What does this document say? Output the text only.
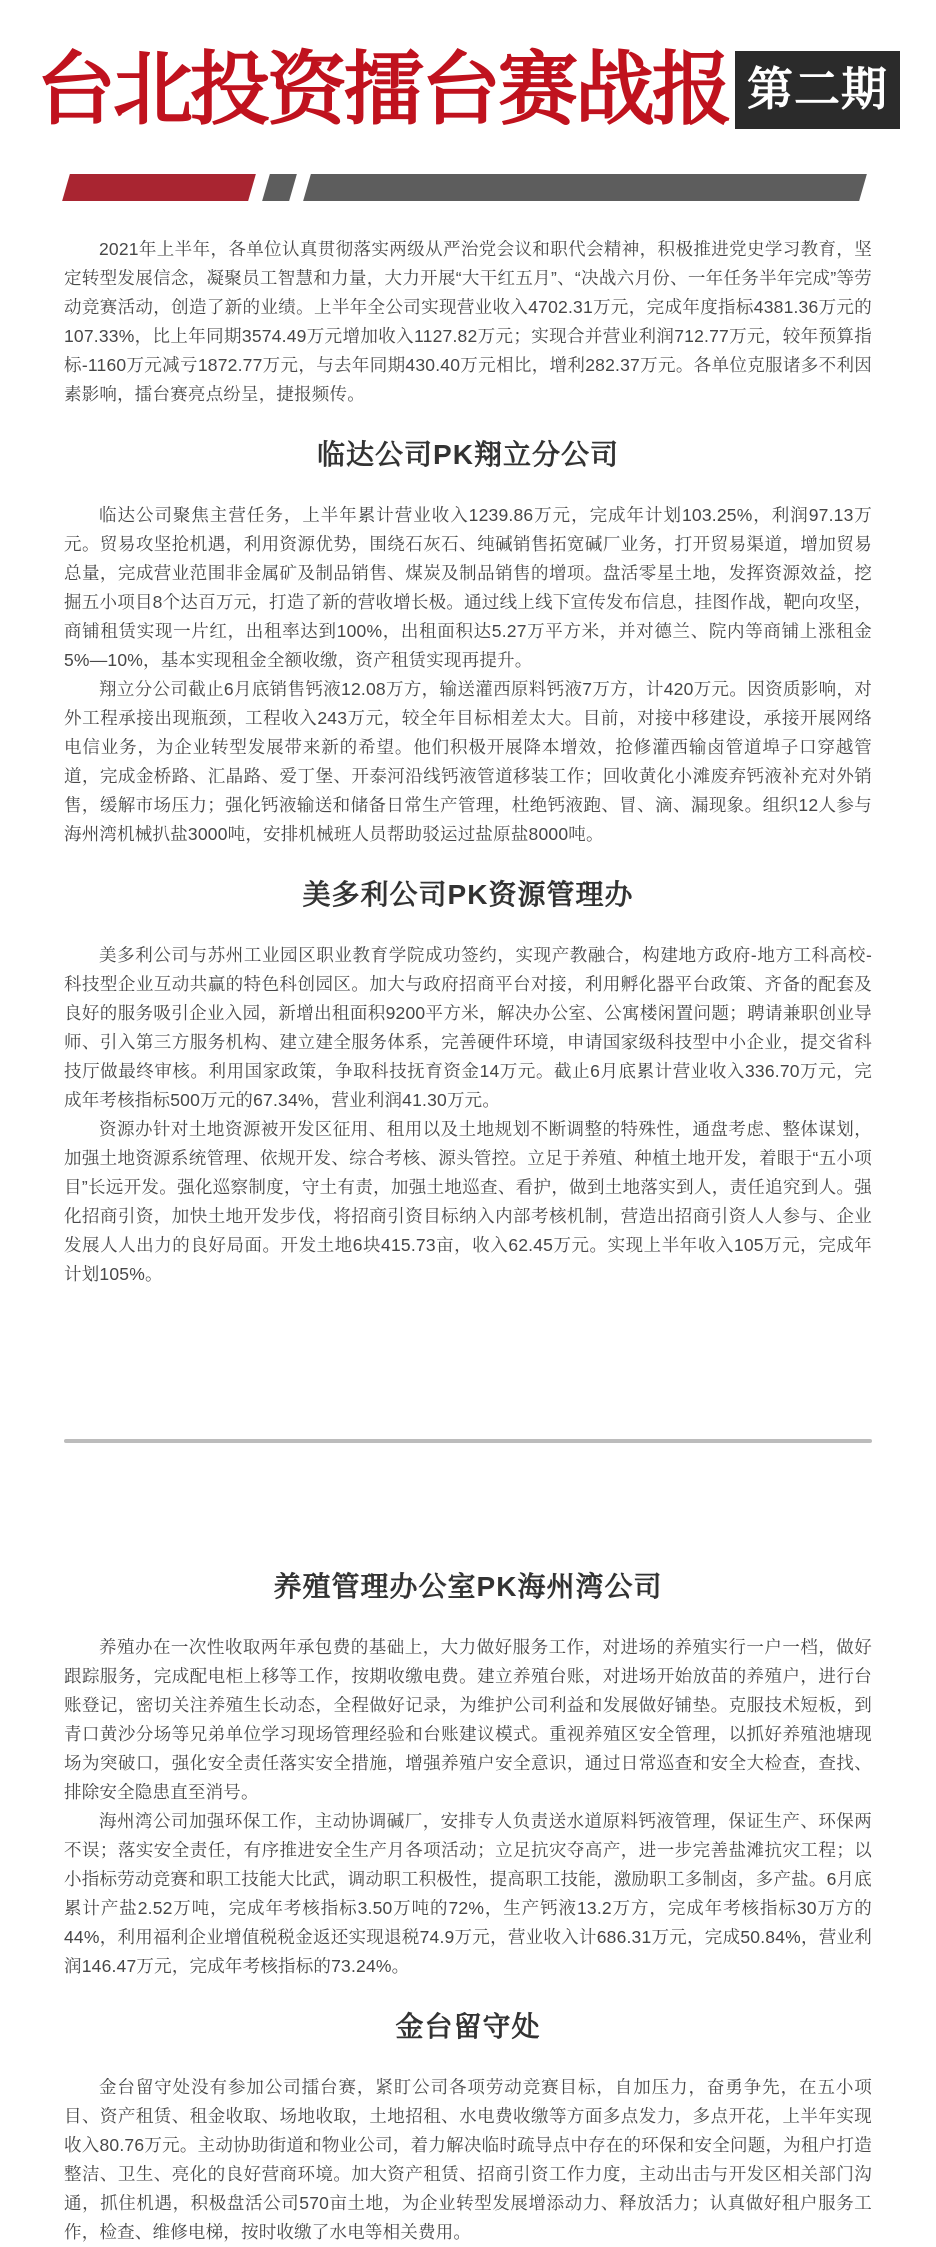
台北投资擂台赛战报 第二期

2021年上半年，各单位认真贯彻落实两级从严治党会议和职代会精神，积极推进党史学习教育，坚定转型发展信念，凝聚员工智慧和力量，大力开展“大干红五月”、“决战六月份、一年任务半年完成”等劳动竞赛活动，创造了新的业绩。上半年全公司实现营业收入4702.31万元，完成年度指标4381.36万元的107.33%，比上年同期3574.49万元增加收入1127.82万元；实现合并营业利润712.77万元，较年预算指标-1160万元减亏1872.77万元，与去年同期430.40万元相比，增利282.37万元。各单位克服诸多不利因素影响，擂台赛亮点纷呈，捷报频传。

临达公司PK翔立分公司

临达公司聚焦主营任务，上半年累计营业收入1239.86万元，完成年计划103.25%，利润97.13万元。贸易攻坚抢机遇，利用资源优势，围绕石灰石、纯碱销售拓宽碱厂业务，打开贸易渠道，增加贸易总量，完成营业范围非金属矿及制品销售、煤炭及制品销售的增项。盘活零星土地，发挥资源效益，挖掘五小项目8个达百万元，打造了新的营收增长极。通过线上线下宣传发布信息，挂图作战，靶向攻坚，商铺租赁实现一片红，出租率达到100%，出租面积达5.27万平方米，并对德兰、院内等商铺上涨租金5%—10%，基本实现租金全额收缴，资产租赁实现再提升。

翔立分公司截止6月底销售钙液12.08万方，输送灌西原料钙液7万方，计420万元。因资质影响，对外工程承接出现瓶颈，工程收入243万元，较全年目标相差太大。目前，对接中移建设，承接开展网络电信业务，为企业转型发展带来新的希望。他们积极开展降本增效，抢修灌西输卤管道埠子口穿越管道，完成金桥路、汇晶路、爱丁堡、开泰河沿线钙液管道移装工作；回收黄化小滩废弃钙液补充对外销售，缓解市场压力；强化钙液输送和储备日常生产管理，杜绝钙液跑、冒、滴、漏现象。组织12人参与海州湾机械扒盐3000吨，安排机械班人员帮助驳运过盐原盐8000吨。

美多利公司PK资源管理办

美多利公司与苏州工业园区职业教育学院成功签约，实现产教融合，构建地方政府-地方工科高校-科技型企业互动共赢的特色科创园区。加大与政府招商平台对接，利用孵化器平台政策、齐备的配套及良好的服务吸引企业入园，新增出租面积9200平方米，解决办公室、公寓楼闲置问题；聘请兼职创业导师、引入第三方服务机构、建立建全服务体系，完善硬件环境，申请国家级科技型中小企业，提交省科技厅做最终审核。利用国家政策，争取科技抚育资金14万元。截止6月底累计营业收入336.70万元，完成年考核指标500万元的67.34%，营业利润41.30万元。

资源办针对土地资源被开发区征用、租用以及土地规划不断调整的特殊性，通盘考虑、整体谋划，加强土地资源系统管理、依规开发、综合考核、源头管控。立足于养殖、种植土地开发，着眼于“五小项目”长远开发。强化巡察制度，守土有责，加强土地巡查、看护，做到土地落实到人，责任追究到人。强化招商引资，加快土地开发步伐，将招商引资目标纳入内部考核机制，营造出招商引资人人参与、企业发展人人出力的良好局面。开发土地6块415.73亩，收入62.45万元。实现上半年收入105万元，完成年计划105%。

养殖管理办公室PK海州湾公司

养殖办在一次性收取两年承包费的基础上，大力做好服务工作，对进场的养殖实行一户一档，做好跟踪服务，完成配电柜上移等工作，按期收缴电费。建立养殖台账，对进场开始放苗的养殖户，进行台账登记，密切关注养殖生长动态，全程做好记录，为维护公司利益和发展做好铺垫。克服技术短板，到青口黄沙分场等兄弟单位学习现场管理经验和台账建议模式。重视养殖区安全管理，以抓好养殖池塘现场为突破口，强化安全责任落实安全措施，增强养殖户安全意识，通过日常巡查和安全大检查，查找、排除安全隐患直至消号。

海州湾公司加强环保工作，主动协调碱厂，安排专人负责送水道原料钙液管理，保证生产、环保两不误；落实安全责任，有序推进安全生产月各项活动；立足抗灾夺高产，进一步完善盐滩抗灾工程；以小指标劳动竞赛和职工技能大比武，调动职工积极性，提高职工技能，激励职工多制卤，多产盐。6月底累计产盐2.52万吨，完成年考核指标3.50万吨的72%，生产钙液13.2万方，完成年考核指标30万方的44%，利用福利企业增值税税金返还实现退税74.9万元，营业收入计686.31万元，完成50.84%，营业利润146.47万元，完成年考核指标的73.24%。

金台留守处

金台留守处没有参加公司擂台赛，紧盯公司各项劳动竞赛目标，自加压力，奋勇争先，在五小项目、资产租赁、租金收取、场地收取，土地招租、水电费收缴等方面多点发力，多点开花，上半年实现收入80.76万元。主动协助街道和物业公司，着力解决临时疏导点中存在的环保和安全问题，为租户打造整洁、卫生、亮化的良好营商环境。加大资产租赁、招商引资工作力度，主动出击与开发区相关部门沟通，抓住机遇，积极盘活公司570亩土地，为企业转型发展增添动力、释放活力；认真做好租户服务工作，检查、维修电梯，按时收缴了水电等相关费用。
